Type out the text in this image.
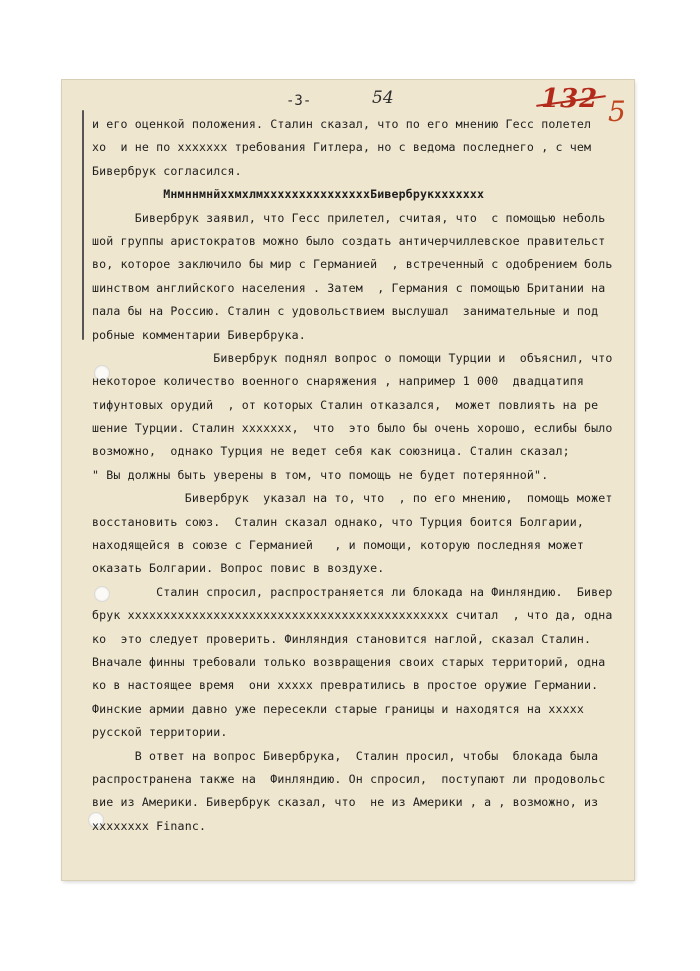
-3-	54	132 5
и его оценкой положения. Сталин сказал, что по его мнению Гесс полетел
хо  и не по xxxxxxx требования Гитлера, но с ведома последнего , с чем
Бивербрук согласился.
МнмннмнйххмхлмхххххххххххххххБивербрукххххххх
Бивербрук заявил, что Гесс прилетел, считая, что  с помощью неболь
шой группы аристократов можно было создать античерчиллевское правительст
во, которое заключило бы мир с Германией  , встреченный с одобрением боль
шинством английского населения . Затем  , Германия с помощью Британии на
пала бы на Россию. Сталин с удовольствием выслушал  занимательные и под
робные комментарии Бивербрука.
Бивербрук поднял вопрос о помощи Турции и  объяснил, что
некоторое количество военного снаряжения , например 1 000  двадцатипя
тифунтовых орудий  , от которых Сталин отказался,  может повлиять на ре
шение Турции. Сталин xxxxxxx,  что  это было бы очень хорошо, еслибы было
возможно,  однако Турция не ведет себя как союзница. Сталин сказал;
" Вы должны быть уверены в том, что помощь не будет потерянной".
Бивербрук  указал на то, что  , по его мнению,  помощь может
восстановить союз.  Сталин сказал однако, что Турция боится Болгарии,
находящейся в союзе с Германией   , и помощи, которую последняя может
оказать Болгарии. Вопрос повис в воздухе.
Сталин спросил, распространяется ли блокада на Финляндию.  Бивер
брук ххххххххххххххххххххххххххххххххххххххххххххх считал  , что да, одна
ко  это следует проверить. Финляндия становится наглой, сказал Сталин.
Вначале финны требовали только возвращения своих старых территорий, одна
ко в настоящее время  они xxxxx превратились в простое оружие Германии.
Финские армии давно уже пересекли старые границы и находятся на xxxxx
русской территории.
В ответ на вопрос Бивербрука,  Сталин просил, чтобы  блокада была
распространена также на  Финляндию. Он спросил,  поступают ли продовольс
вие из Америки. Бивербрук сказал, что  не из Америки , а , возможно, из
xxxxxxxx Financ.
